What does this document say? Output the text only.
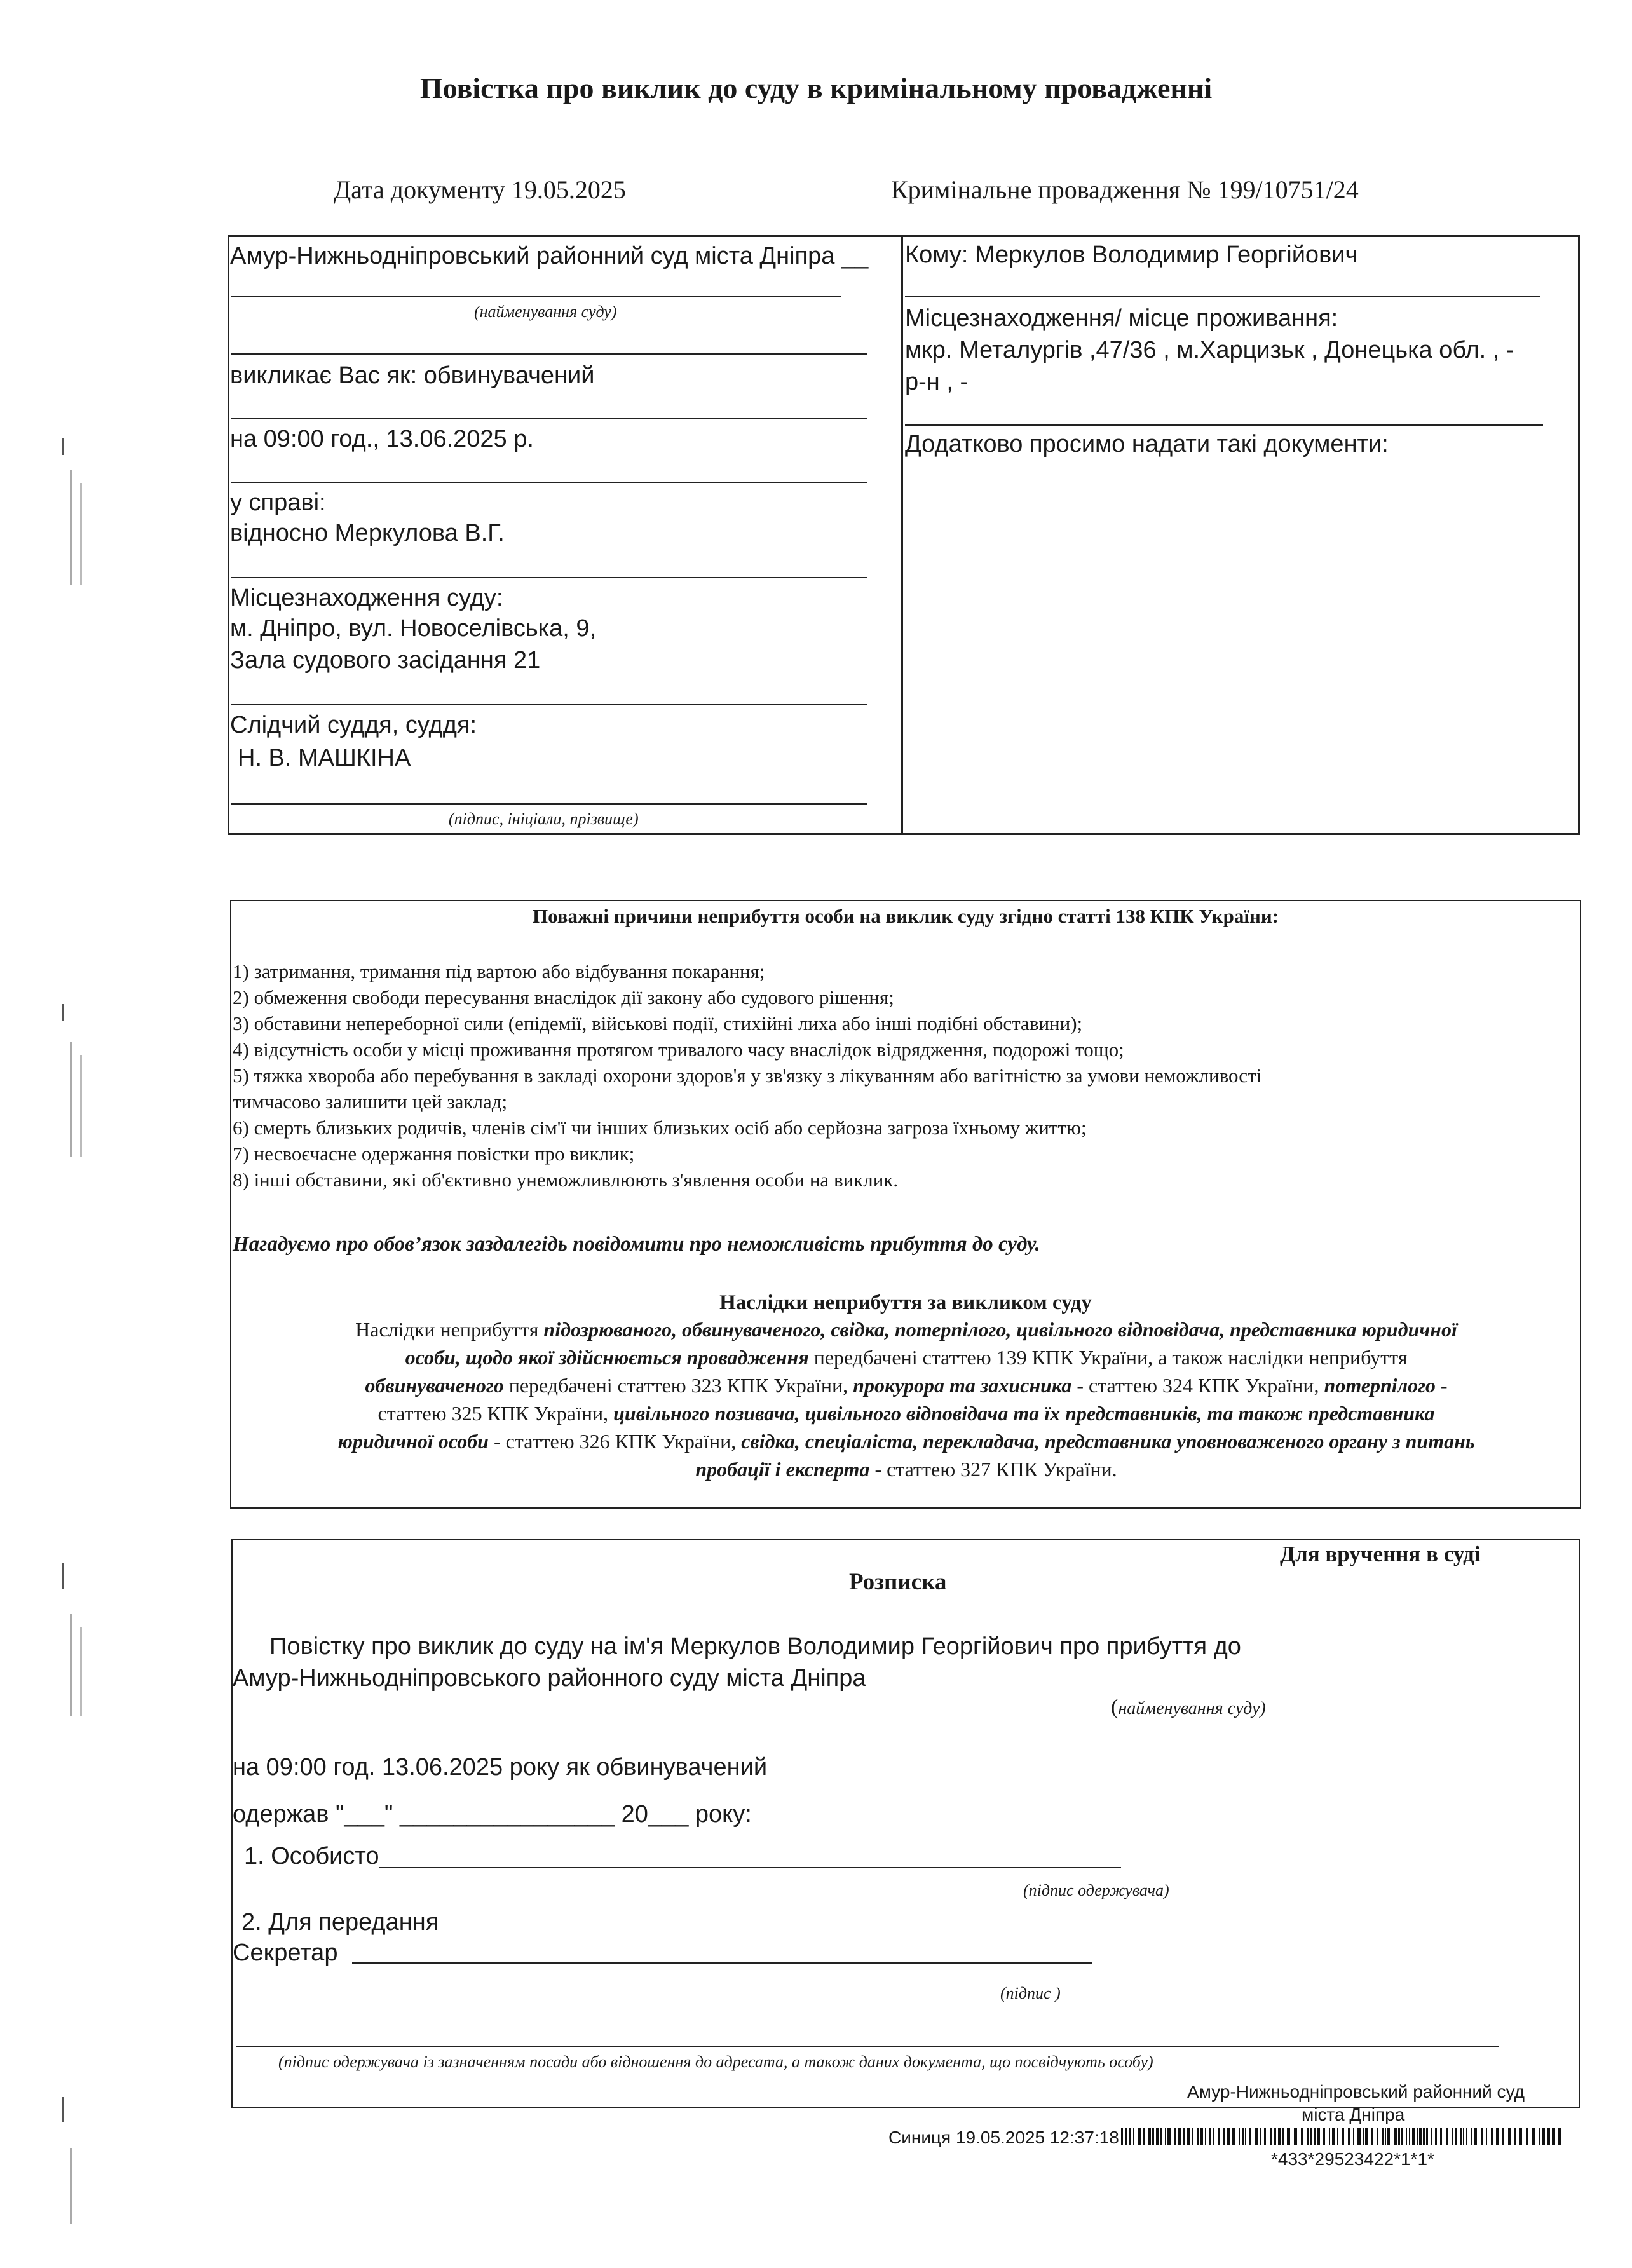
Повістка про виклик до суду в кримінальному провадженні
Дата документу 19.05.2025	Кримінальне провадження № 199/10751/24
Амур-Нижньодніпровський районний суд міста Дніпра __
(найменування суду)
викликає Вас як: обвинувачений
на 09:00 год., 13.06.2025 р.
у справі:
відносно Меркулова В.Г.
Місцезнаходження суду:
м. Дніпро, вул. Новоселівська, 9,
Зала судового засідання 21
Слідчий суддя, суддя:
Н. В. МАШКІНА
(підпис, ініціали, прізвище)
Кому: Меркулов Володимир Георгійович
Місцезнаходження/ місце проживання:
мкр. Металургів ,47/36 , м.Харцизьк , Донецька обл. , -
р-н , -
Додатково просимо надати такі документи:
Поважні причини неприбуття особи на виклик суду згідно статті 138 КПК України:
1) затримання, тримання під вартою або відбування покарання;
2) обмеження свободи пересування внаслідок дії закону або судового рішення;
3) обставини непереборної сили (епідемії, військові події, стихійні лиха або інші подібні обставини);
4) відсутність особи у місці проживання протягом тривалого часу внаслідок відрядження, подорожі тощо;
5) тяжка хвороба або перебування в закладі охорони здоров'я у зв'язку з лікуванням або вагітністю за умови неможливості
тимчасово залишити цей заклад;
6) смерть близьких родичів, членів сім'ї чи інших близьких осіб або серйозна загроза їхньому життю;
7) несвоєчасне одержання повістки про виклик;
8) інші обставини, які об'єктивно унеможливлюють з'явлення особи на виклик.
Нагадуємо про обов’язок заздалегідь повідомити про неможливість прибуття до суду.
Наслідки неприбуття за викликом суду
Наслідки неприбуття підозрюваного, обвинуваченого, свідка, потерпілого, цивільного відповідача, представника юридичної
особи, щодо якої здійснюється провадження передбачені статтею 139 КПК України, а також наслідки неприбуття
обвинуваченого передбачені статтею 323 КПК України, прокурора та захисника - статтею 324 КПК України, потерпілого -
статтею 325 КПК України, цивільного позивача, цивільного відповідача та їх представників, та також представника
юридичної особи - статтею 326 КПК України, свідка, спеціаліста, перекладача, представника уповноваженого органу з питань
пробації і експерта - статтею 327 КПК України.
Для вручення в суді
Розписка
Повістку про виклик до суду на ім'я Меркулов Володимир Георгійович про прибуття до
Амур-Нижньодніпровського районного суду міста Дніпра
(найменування суду)
на 09:00 год. 13.06.2025 року як обвинувачений
одержав "___" ________________ 20___ року:
1. Особисто
(підпис одержувача)
2. Для передання
Секретар
(підпис )
(підпис одержувача із зазначенням посади або відношення до адресата, а також даних документа, що посвідчують особу)
Амур-Нижньодніпровський районний суд
міста Дніпра
Синиця 19.05.2025 12:37:18
*433*29523422*1*1*
